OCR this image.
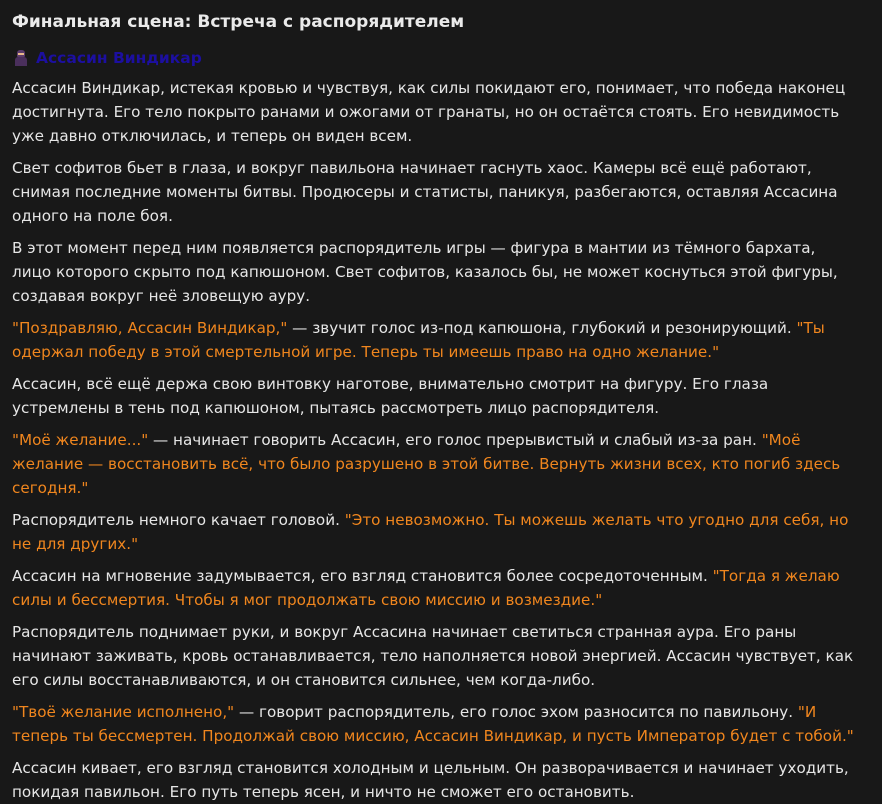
Финальная сцена: Встреча с распорядителем
Ассасин Виндикар

Ассасин Виндикар, истекая кровью и чувствуя, как силы покидают его, понимает, что победа наконец достигнута. Его тело покрыто ранами и ожогами от гранаты, но он остаётся стоять. Его невидимость уже давно отключилась, и теперь он виден всем.

Свет софитов бьет в глаза, и вокруг павильона начинает гаснуть хаос. Камеры всё ещё работают, снимая последние моменты битвы. Продюсеры и статисты, паникуя, разбегаются, оставляя Ассасина одного на поле боя.

В этот момент перед ним появляется распорядитель игры — фигура в мантии из тёмного бархата, лицо которого скрыто под капюшоном. Свет софитов, казалось бы, не может коснуться этой фигуры, создавая вокруг неё зловещую ауру.

"Поздравляю, Ассасин Виндикар," — звучит голос из-под капюшона, глубокий и резонирующий. "Ты одержал победу в этой смертельной игре. Теперь ты имеешь право на одно желание."

Ассасин, всё ещё держа свою винтовку наготове, внимательно смотрит на фигуру. Его глаза устремлены в тень под капюшоном, пытаясь рассмотреть лицо распорядителя.

"Моё желание..." — начинает говорить Ассасин, его голос прерывистый и слабый из-за ран. "Моё желание — восстановить всё, что было разрушено в этой битве. Вернуть жизни всех, кто погиб здесь сегодня."

Распорядитель немного качает головой. "Это невозможно. Ты можешь желать что угодно для себя, но не для других."

Ассасин на мгновение задумывается, его взгляд становится более сосредоточенным. "Тогда я желаю силы и бессмертия. Чтобы я мог продолжать свою миссию и возмездие."

Распорядитель поднимает руки, и вокруг Ассасина начинает светиться странная аура. Его раны начинают заживать, кровь останавливается, тело наполняется новой энергией. Ассасин чувствует, как его силы восстанавливаются, и он становится сильнее, чем когда-либо.

"Твоё желание исполнено," — говорит распорядитель, его голос эхом разносится по павильону. "И теперь ты бессмертен. Продолжай свою миссию, Ассасин Виндикар, и пусть Император будет с тобой."

Ассасин кивает, его взгляд становится холодным и цельным. Он разворачивается и начинает уходить, покидая павильон. Его путь теперь ясен, и ничто не сможет его остановить.
